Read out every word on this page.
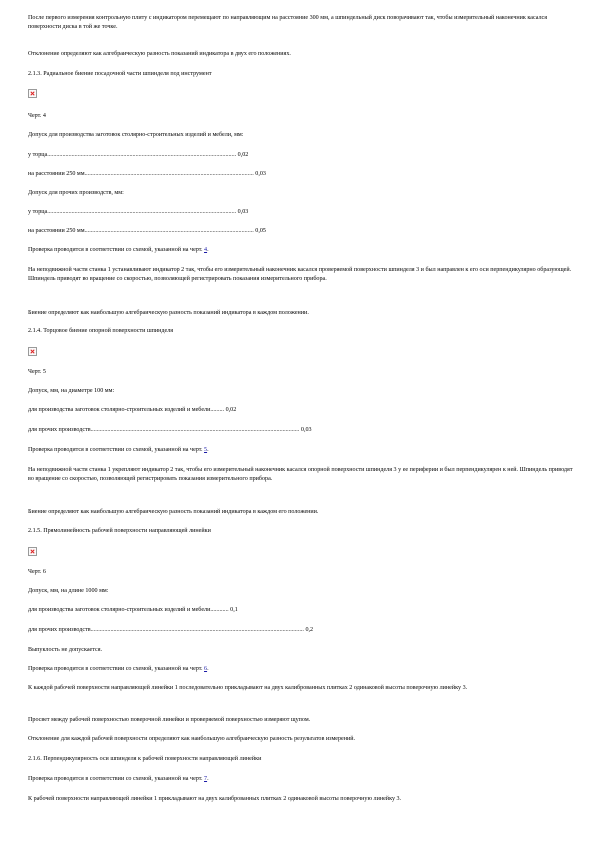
После первого измерения контрольную плиту с индикатором перемещают по направляющим на расстояние 300 мм, а шпиндельный диск поворачивают так, чтобы измерительный наконечник касался поверхности диска в той же точке.
Отклонение определяют как алгебраическую разность показаний индикатора в двух его положениях.
2.1.3. Радиальное биение посадочной части шпинделя под инструмент
Черт. 4
Допуск для производства заготовок столярно-строительных изделий и мебели, мм:
у торца............................................................................................................................ 0,02
на расстоянии 250 мм............................................................................................................... 0,03
Допуск для прочих производств, мм:
у торца............................................................................................................................ 0,03
на расстоянии 250 мм............................................................................................................... 0,05
Проверка проводится в соответствии со схемой, указанной на черт. 4.
На неподвижной части станка 1 устанавливают индикатор 2 так, чтобы его измерительный наконечник касался проверяемой поверхности шпинделя 3 и был направлен к его оси перпендикулярно образующей. Шпиндель приводят во вращение со скоростью, позволяющей регистрировать показания измерительного прибора.
Биение определяют как наибольшую алгебраическую разность показаний индикатора в каждом положении.
2.1.4. Торцовое биение опорной поверхности шпинделя
Черт. 5
Допуск, мм, на диаметре 100 мм:
для производства заготовок столярно-строительных изделий и мебели......... 0,02
для прочих производств......................................................................................................................................... 0,03
Проверка проводится в соответствии со схемой, указанной на черт. 5.
На неподвижной части станка 1 укрепляют индикатор 2 так, чтобы его измерительный наконечник касался опорной поверхности шпинделя 3 у ее периферии и был перпендикулярен к ней. Шпиндель приводят во вращение со скоростью, позволяющей регистрировать показания измерительного прибора.
Биение определяют как наибольшую алгебраическую разность показаний индикатора в каждом его положении.
2.1.5. Прямолинейность рабочей поверхности направляющей линейки
Черт. 6
Допуск, мм, на длине 1000 мм:
для производства заготовок столярно-строительных изделий и мебели............ 0,1
для прочих производств............................................................................................................................................ 0,2
Выпуклость не допускается.
Проверка проводится в соответствии со схемой, указанной на черт. 6.
К каждой рабочей поверхности направляющей линейки 1 последовательно прикладывают на двух калиброванных плитках 2 одинаковой высоты поверочную линейку 3.
Просвет между рабочей поверхностью поверочной линейки и проверяемой поверхностью измеряют щупом.
Отклонение для каждой рабочей поверхности определяют как наибольшую алгебраическую разность результатов измерений.
2.1.6. Перпендикулярность оси шпинделя к рабочей поверхности направляющей линейки
Проверка проводится в соответствии со схемой, указанной на черт. 7.
К рабочей поверхности направляющей линейки 1 прикладывают на двух калиброванных плитках 2 одинаковой высоты поверочную линейку 3.
